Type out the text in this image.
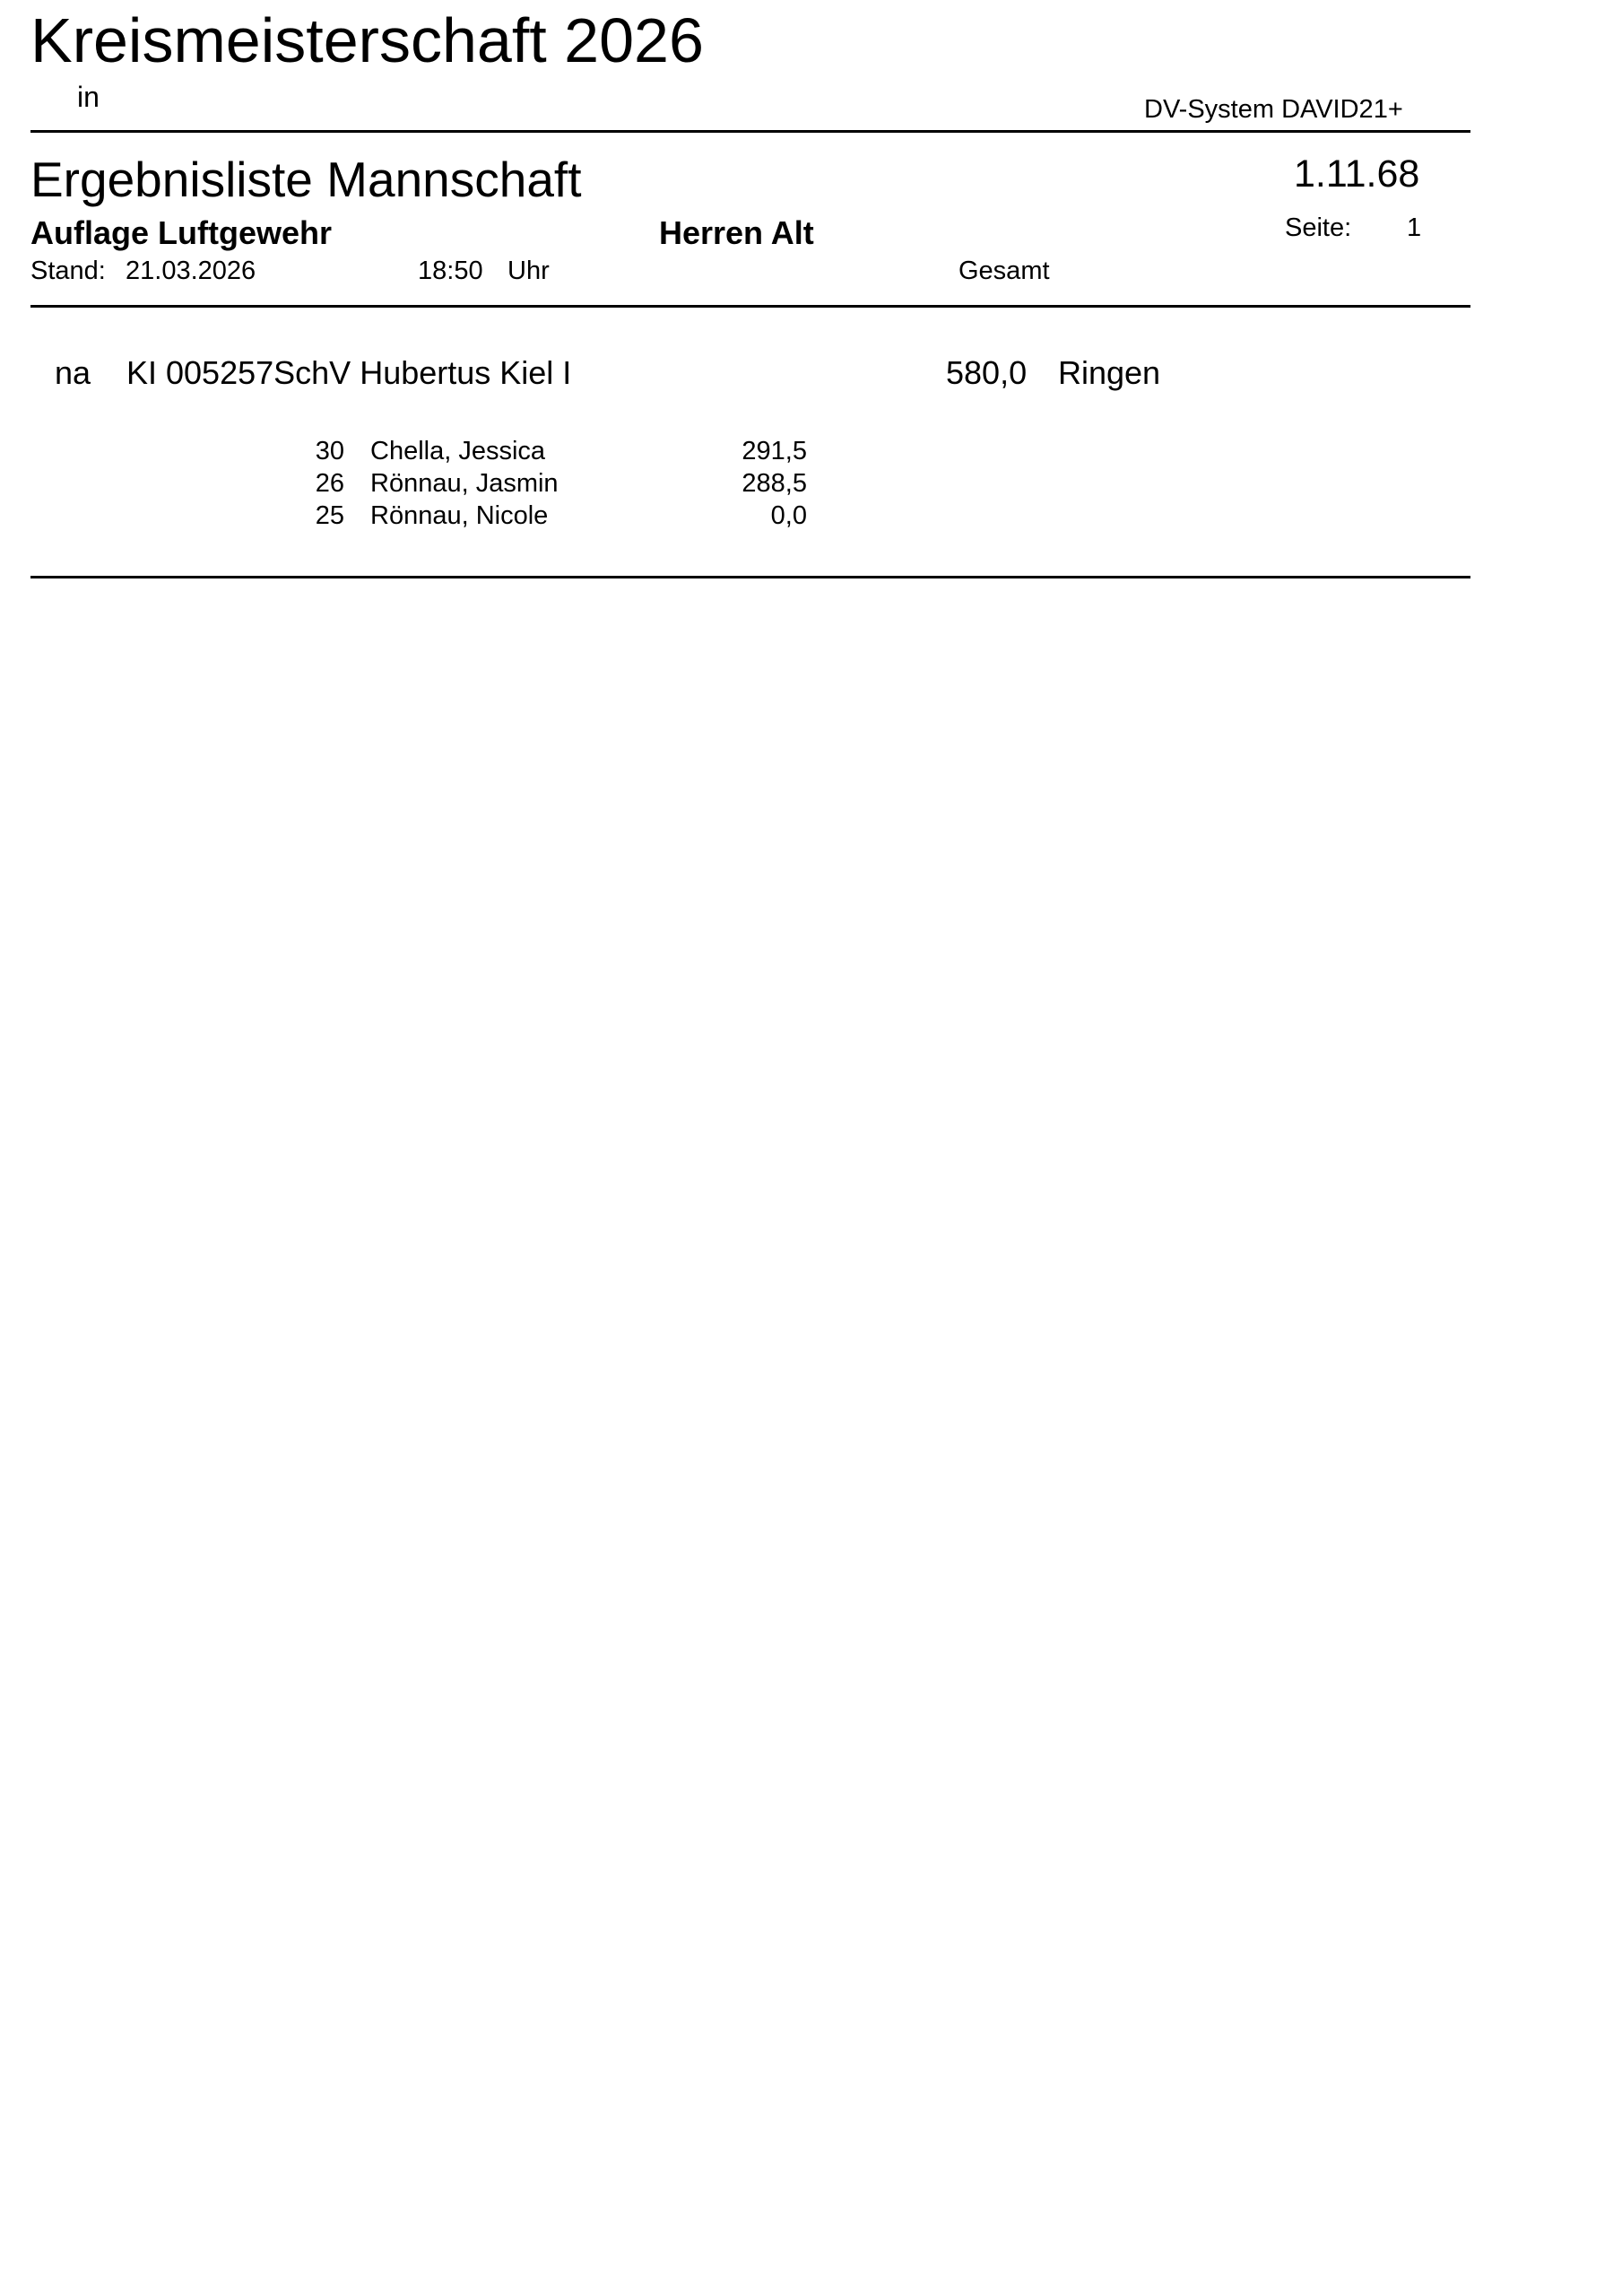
Kreismeisterschaft 2026
in	DV-System DAVID21+
Ergebnisliste Mannschaft	1.11.68
Auflage Luftgewehr	Herren Alt	Seite: 1
Stand: 21.03.2026	18:50 Uhr	Gesamt
na KI 005257SchV Hubertus Kiel I	580,0 Ringen
30 Chella, Jessica	291,5
26 Rönnau, Jasmin	288,5
25 Rönnau, Nicole	0,0
